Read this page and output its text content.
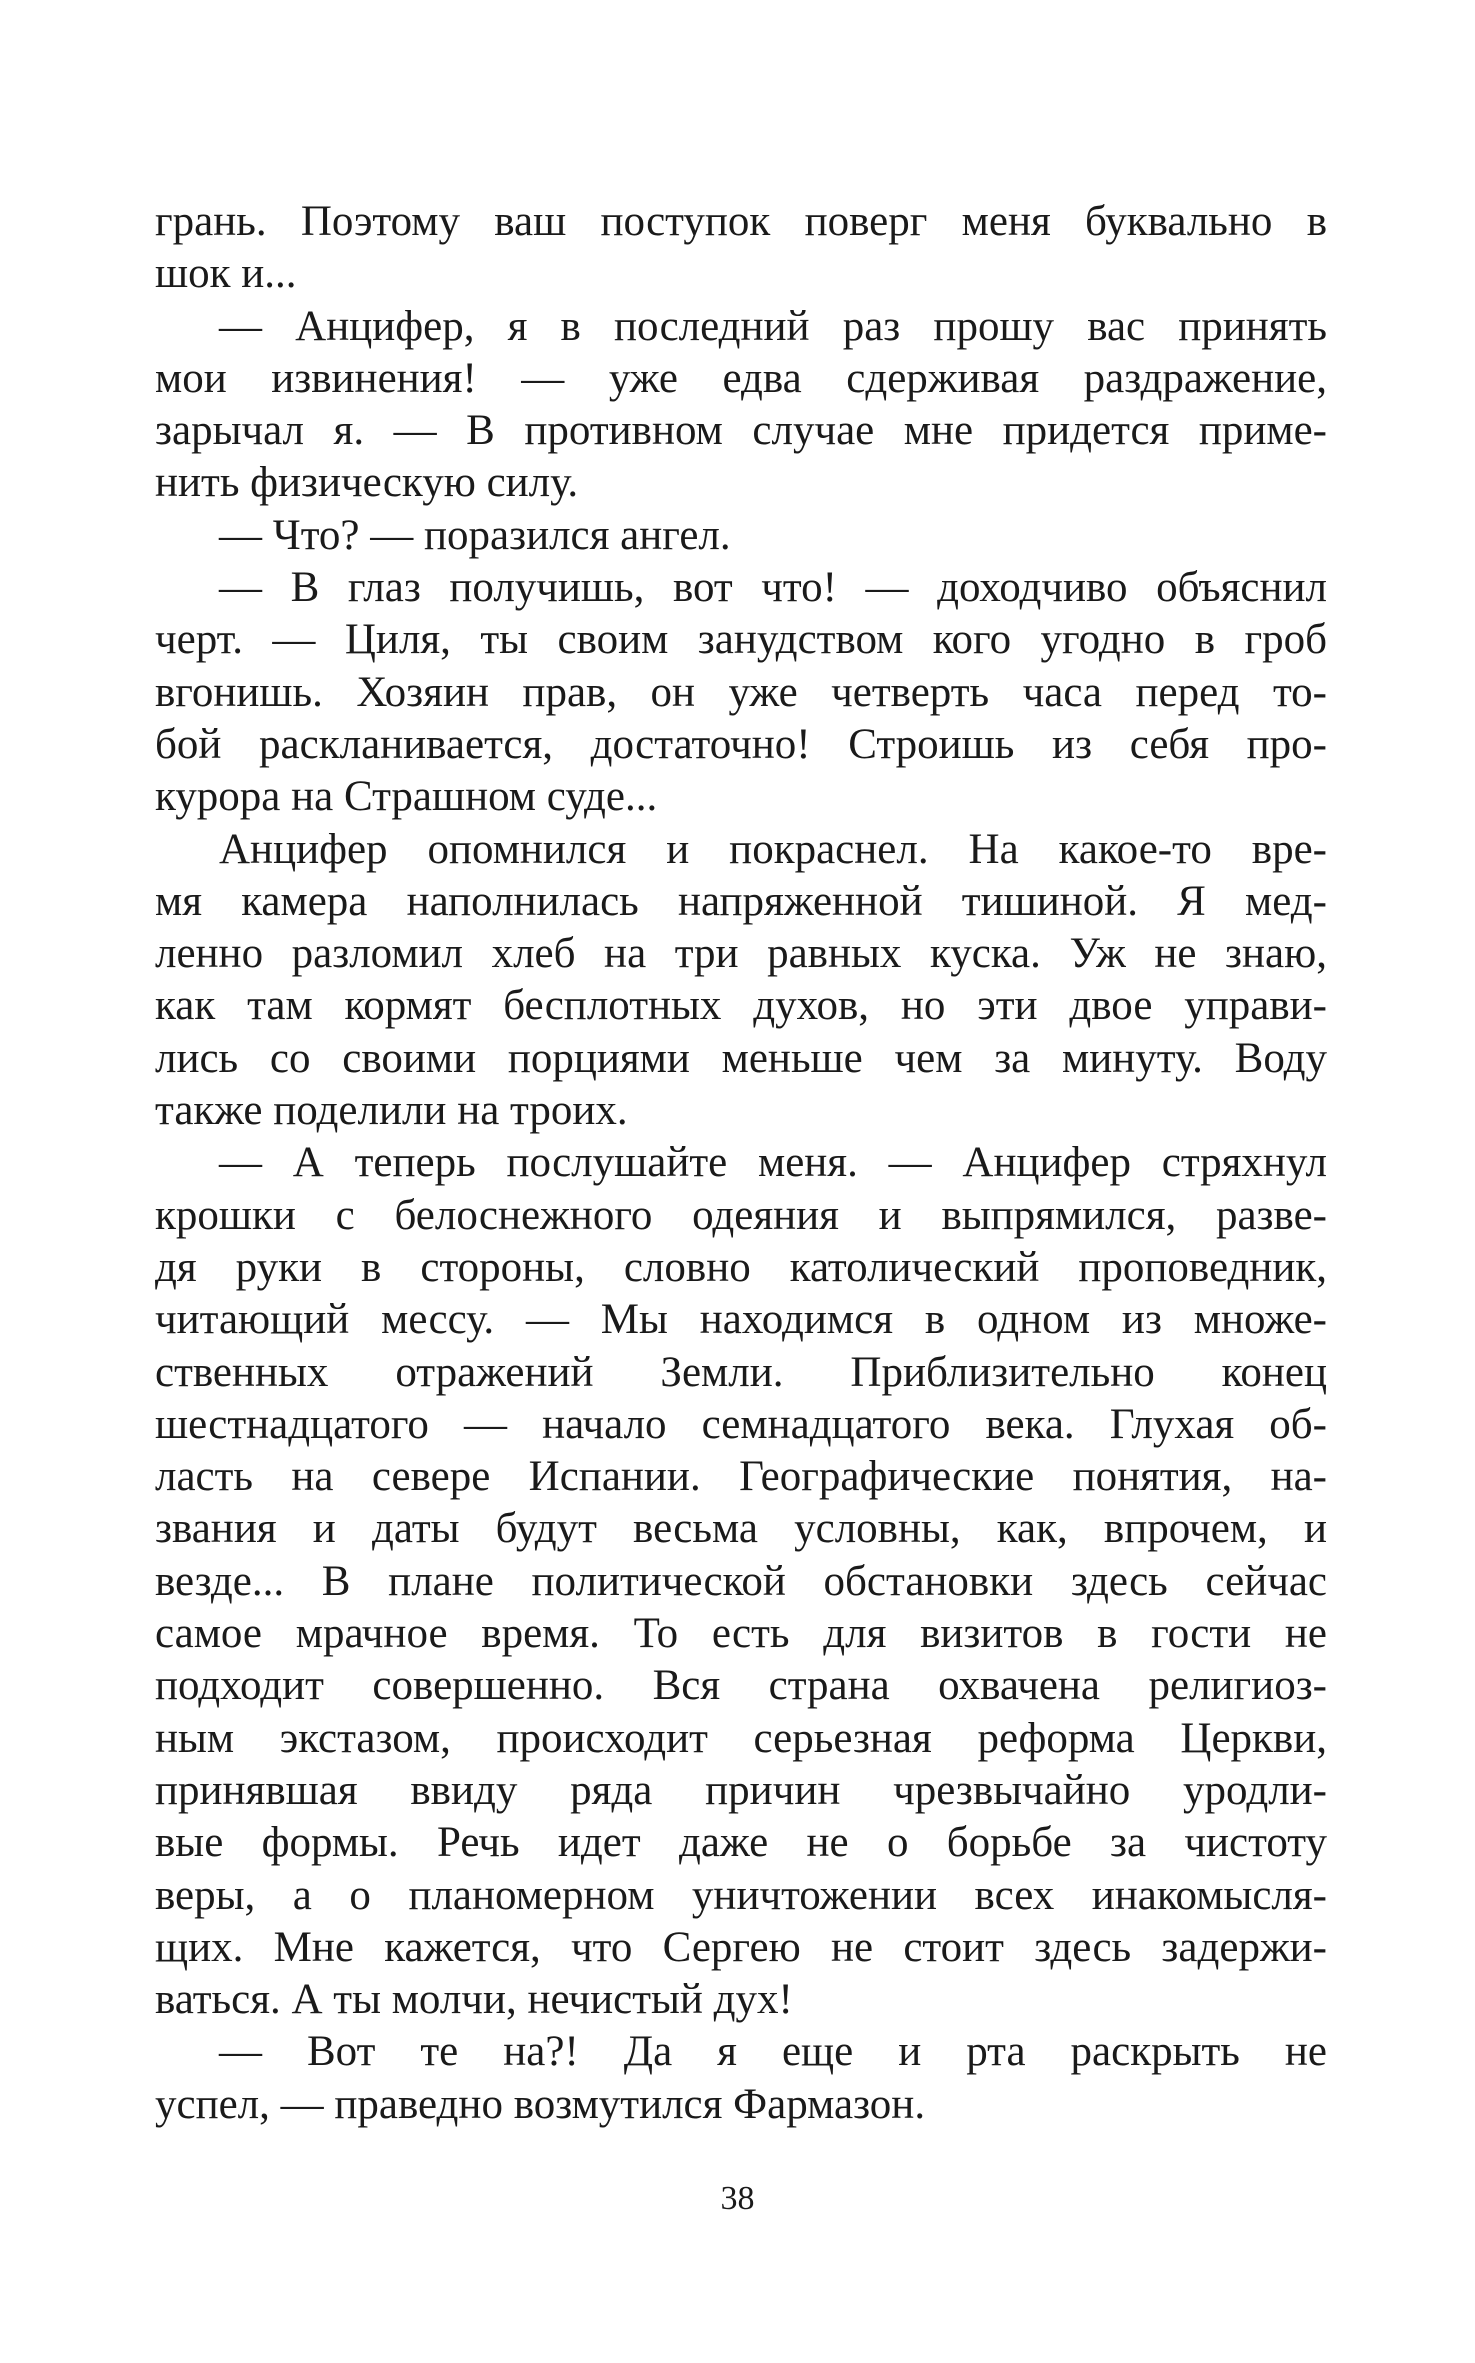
грань. Поэтому ваш поступок поверг меня буквально в
шок и...
— Анцифер, я в последний раз прошу вас принять
мои извинения! — уже едва сдерживая раздражение,
зарычал я. — В противном случае мне придется приме-
нить физическую силу.
— Что? — поразился ангел.
— В глаз получишь, вот что! — доходчиво объяснил
черт. — Циля, ты своим занудством кого угодно в гроб
вгонишь. Хозяин прав, он уже четверть часа перед то-
бой раскланивается, достаточно! Строишь из себя про-
курора на Страшном суде...
Анцифер опомнился и покраснел. На какое-то вре-
мя камера наполнилась напряженной тишиной. Я мед-
ленно разломил хлеб на три равных куска. Уж не знаю,
как там кормят бесплотных духов, но эти двое управи-
лись со своими порциями меньше чем за минуту. Воду
также поделили на троих.
— А теперь послушайте меня. — Анцифер стряхнул
крошки с белоснежного одеяния и выпрямился, разве-
дя руки в стороны, словно католический проповедник,
читающий мессу. — Мы находимся в одном из множе-
ственных отражений Земли. Приблизительно конец
шестнадцатого — начало семнадцатого века. Глухая об-
ласть на севере Испании. Географические понятия, на-
звания и даты будут весьма условны, как, впрочем, и
везде... В плане политической обстановки здесь сейчас
самое мрачное время. То есть для визитов в гости не
подходит совершенно. Вся страна охвачена религиоз-
ным экстазом, происходит серьезная реформа Церкви,
принявшая ввиду ряда причин чрезвычайно уродли-
вые формы. Речь идет даже не о борьбе за чистоту
веры, а о планомерном уничтожении всех инакомысля-
щих. Мне кажется, что Сергею не стоит здесь задержи-
ваться. А ты молчи, нечистый дух!
— Вот те на?! Да я еще и рта раскрыть не
успел, — праведно возмутился Фармазон.
38
